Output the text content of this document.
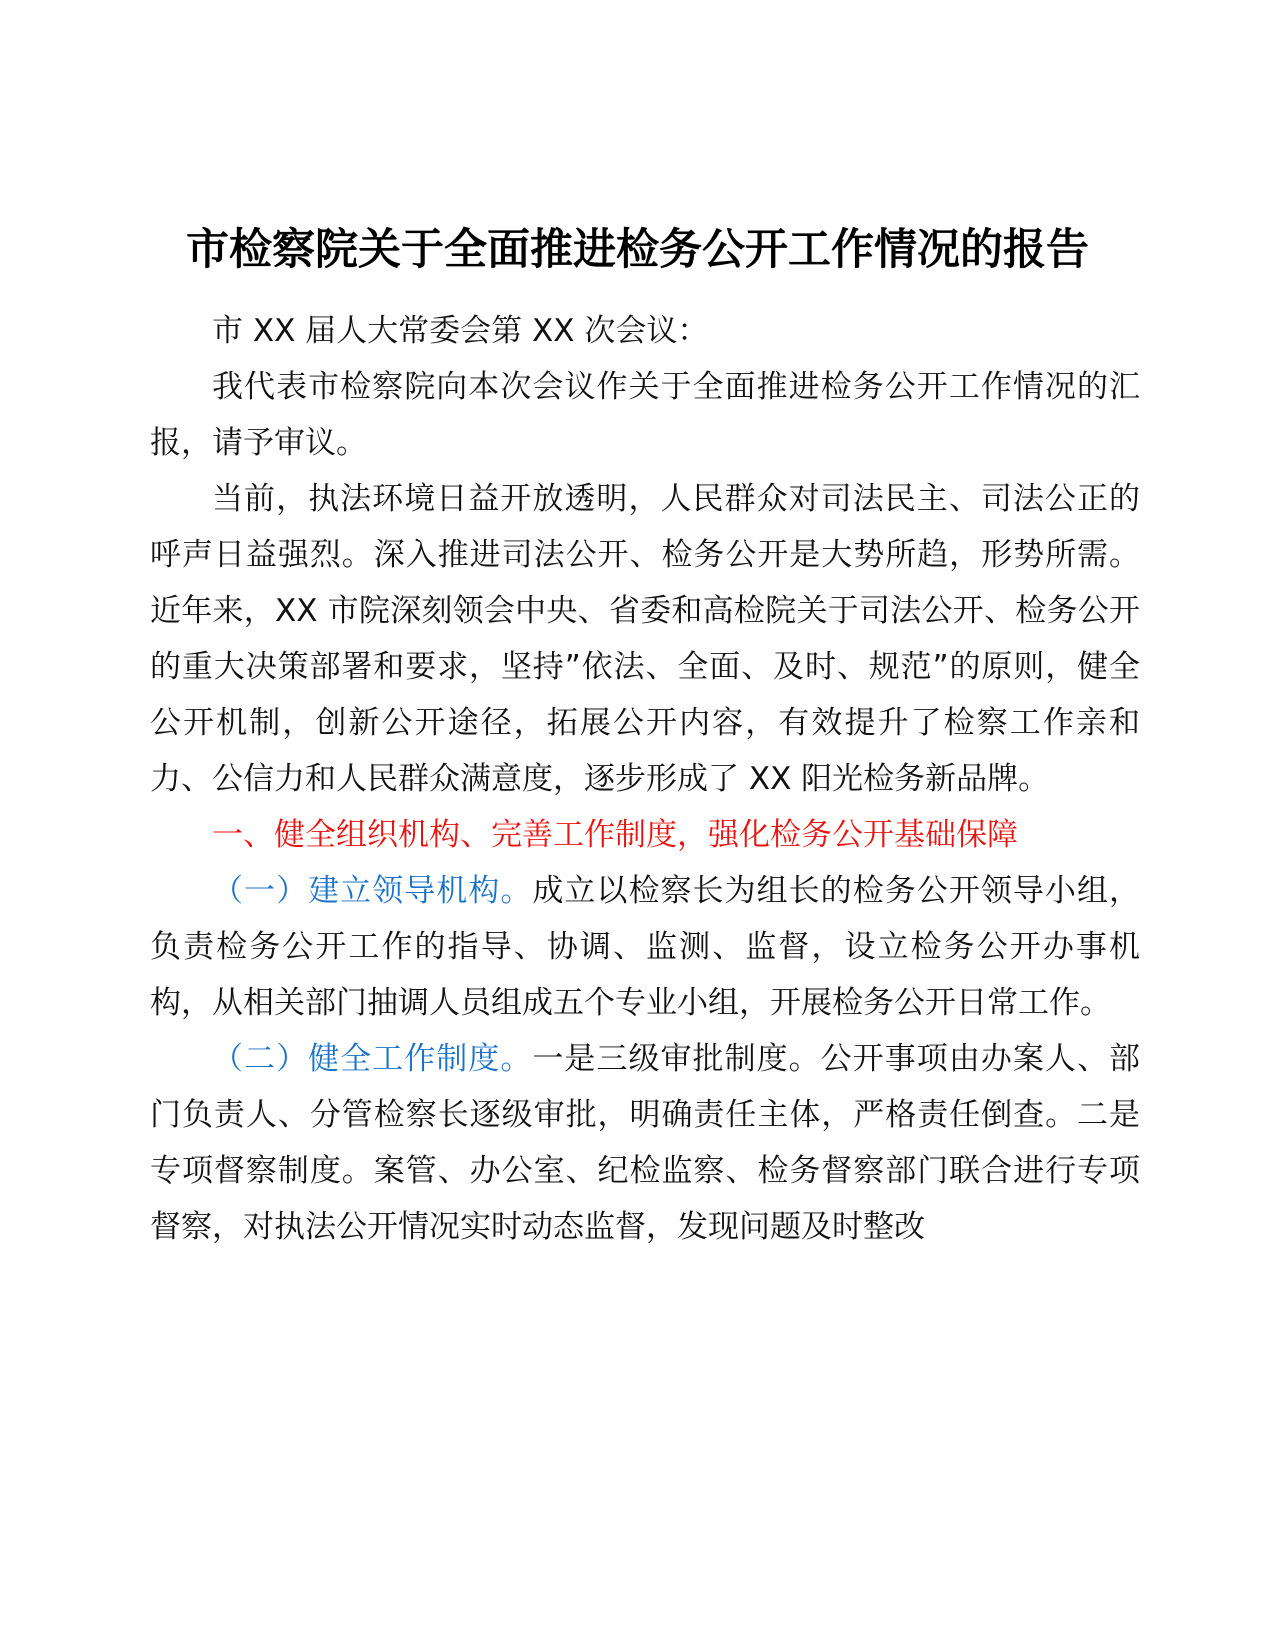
市检察院关于全面推进检务公开工作情况的报告

市 XX 届人大常委会第 XX 次会议：

我代表市检察院向本次会议作关于全面推进检务公开工作情况的汇报，请予审议。

当前，执法环境日益开放透明，人民群众对司法民主、司法公正的呼声日益强烈。深入推进司法公开、检务公开是大势所趋，形势所需。近年来，XX 市院深刻领会中央、省委和高检院关于司法公开、检务公开的重大决策部署和要求，坚持”依法、全面、及时、规范”的原则，健全公开机制，创新公开途径，拓展公开内容，有效提升了检察工作亲和力、公信力和人民群众满意度，逐步形成了 XX 阳光检务新品牌。

一、健全组织机构、完善工作制度，强化检务公开基础保障

（一）建立领导机构。成立以检察长为组长的检务公开领导小组，负责检务公开工作的指导、协调、监测、监督，设立检务公开办事机构，从相关部门抽调人员组成五个专业小组，开展检务公开日常工作。

（二）健全工作制度。一是三级审批制度。公开事项由办案人、部门负责人、分管检察长逐级审批，明确责任主体，严格责任倒查。二是专项督察制度。案管、办公室、纪检监察、检务督察部门联合进行专项督察，对执法公开情况实时动态监督，发现问题及时整改
